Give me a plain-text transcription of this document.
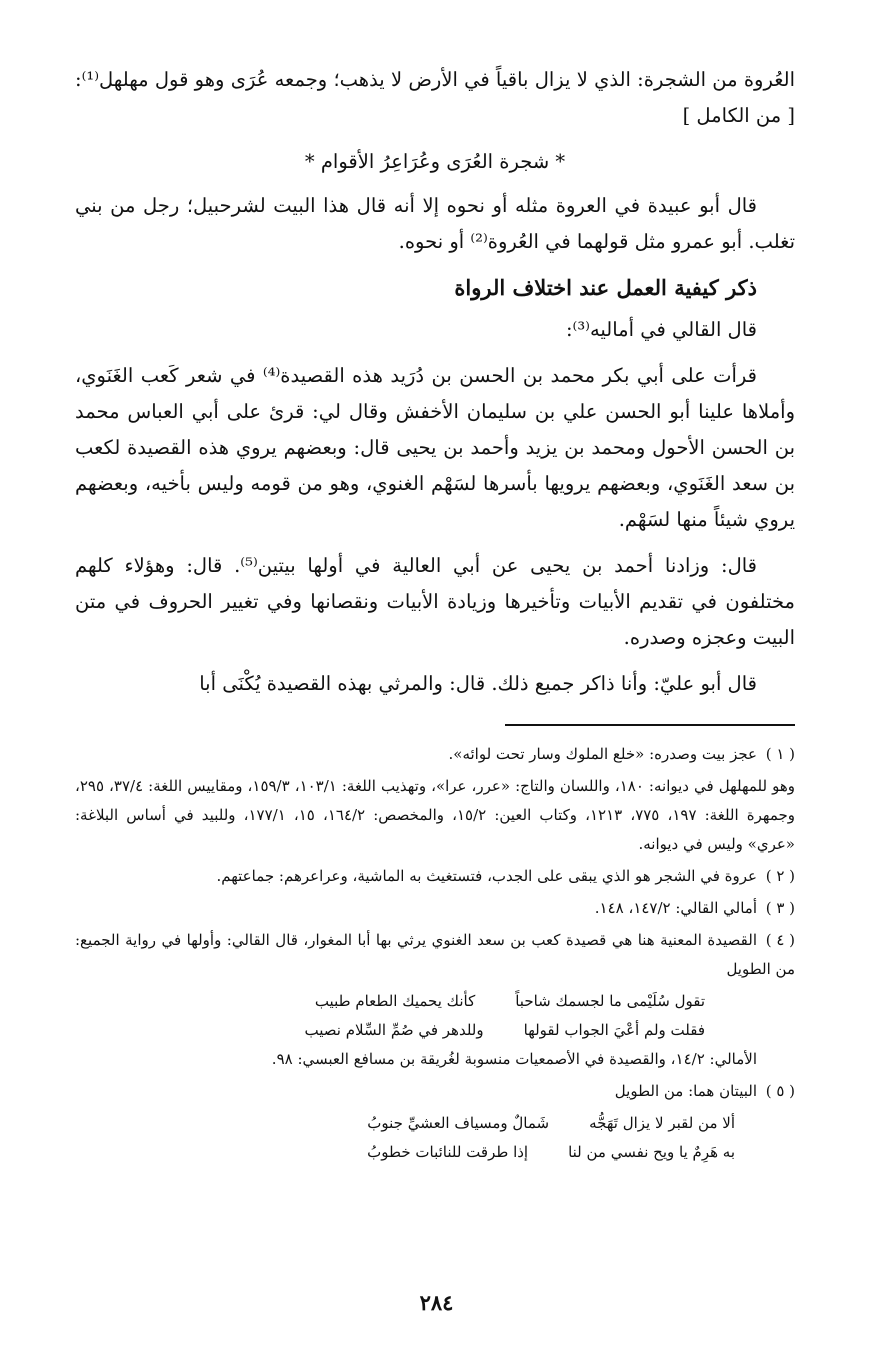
العُروة من الشجرة: الذي لا يزال باقياً في الأرض لا يذهب؛ وجمعه عُرَى وهو قول مهلهل⁽¹⁾: [ من الكامل ]

* شجرة العُرَى وعُرَاعِرُ الأقوام *

قال أبو عبيدة في العروة مثله أو نحوه إلا أنه قال هذا البيت لشرحبيل؛ رجل من بني تغلب. أبو عمرو مثل قولهما في العُروة⁽²⁾ أو نحوه.

ذكر كيفية العمل عند اختلاف الرواة

قال القالي في أماليه⁽³⁾:

قرأت على أبي بكر محمد بن الحسن بن دُرَيد هذه القصيدة⁽⁴⁾ في شعر كَعب الغَنَوي، وأملاها علينا أبو الحسن علي بن سليمان الأخفش وقال لي: قرئ على أبي العباس محمد بن الحسن الأحول ومحمد بن يزيد وأحمد بن يحيى قال: وبعضهم يروي هذه القصيدة لكعب بن سعد الغَنَوي، وبعضهم يرويها بأسرها لسَهْم الغنوي، وهو من قومه وليس بأخيه، وبعضهم يروي شيئاً منها لسَهْم.

قال: وزادنا أحمد بن يحيى عن أبي العالية في أولها بيتين⁽⁵⁾. قال: وهؤلاء كلهم مختلفون في تقديم الأبيات وتأخيرها وزيادة الأبيات ونقصانها وفي تغيير الحروف في متن البيت وعجزه وصدره.

قال أبو عليّ: وأنا ذاكر جميع ذلك. قال: والمرثي بهذه القصيدة يُكْنَى أبا

( ١ )عجز بيت وصدره: «خلع الملوك وسار تحت لوائه».

وهو للمهلهل في ديوانه: ١٨٠، واللسان والتاج: «عرر، عرا»، وتهذيب اللغة: ١٠٣/١، ١٥٩/٣، ومقاييس اللغة: ٣٧/٤، ٢٩٥، وجمهرة اللغة: ١٩٧، ٧٧٥، ١٢١٣، وكتاب العين: ١٥/٢، والمخصص: ١٦٤/٢، ١٥، ١٧٧/١، وللبيد في أساس البلاغة: «عري» وليس في ديوانه.

( ٢ )عروة في الشجر هو الذي يبقى على الجدب، فتستغيث به الماشية، وعراعرهم: جماعتهم.

( ٣ )أمالي القالي: ١٤٧/٢، ١٤٨.

( ٤ )القصيدة المعنية هنا هي قصيدة كعب بن سعد الغنوي يرثي بها أبا المغوار، قال القالي: وأولها في رواية الجميع: من الطويل

تقول سُلَيْمى ما لجسمك شاحباً
كأنك يحميك الطعام طبيب
فقلت ولم أعْيَ الجواب لقولها
وللدهر في صُمِّ السِّلام نصيب

الأمالي: ١٤/٢، والقصيدة في الأصمعيات منسوبة لغُريقة بن مسافع العبسي: ٩٨.

( ٥ )البيتان هما: من الطويل

ألا من لقبر لا يزال تَهَجُّه
شَمالٌ ومسياف العشيِّ جنوبُ
به هَرِمٌ يا ويح نفسي من لنا
إذا طرقت للنائبات خطوبُ
٢٨٤
